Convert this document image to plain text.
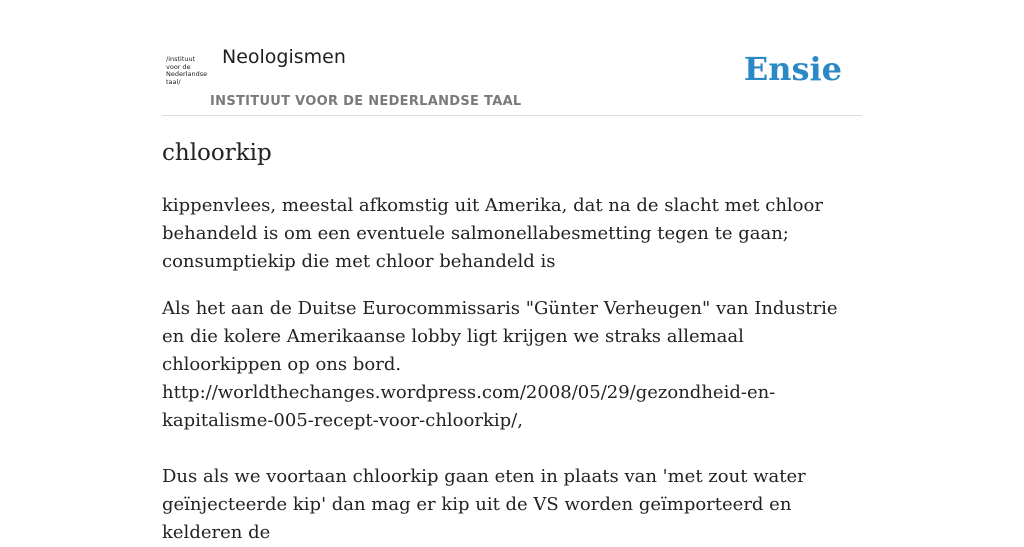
/instituut
voor de
Nederlandse
taal/
Neologismen
INSTITUUT VOOR DE NEDERLANDSE TAAL
Ensie
chloorkip

kippenvlees, meestal afkomstig uit Amerika, dat na de slacht met chloor behandeld is om een eventuele salmonellabesmetting tegen te gaan; consumptiekip die met chloor behandeld is

Als het aan de Duitse Eurocommissaris "Günter Verheugen" van Industrie en die kolere Amerikaanse lobby ligt krijgen we straks allemaal chloorkippen op ons bord.
http://worldthechanges.wordpress.com/2008/05/29/gezondheid-en-kapitalisme-005-recept-voor-chloorkip/,
Dus als we voortaan chloorkip gaan eten in plaats van 'met zout water geïnjecteerde kip' dan mag er kip uit de VS worden geïmporteerd en kelderen de
